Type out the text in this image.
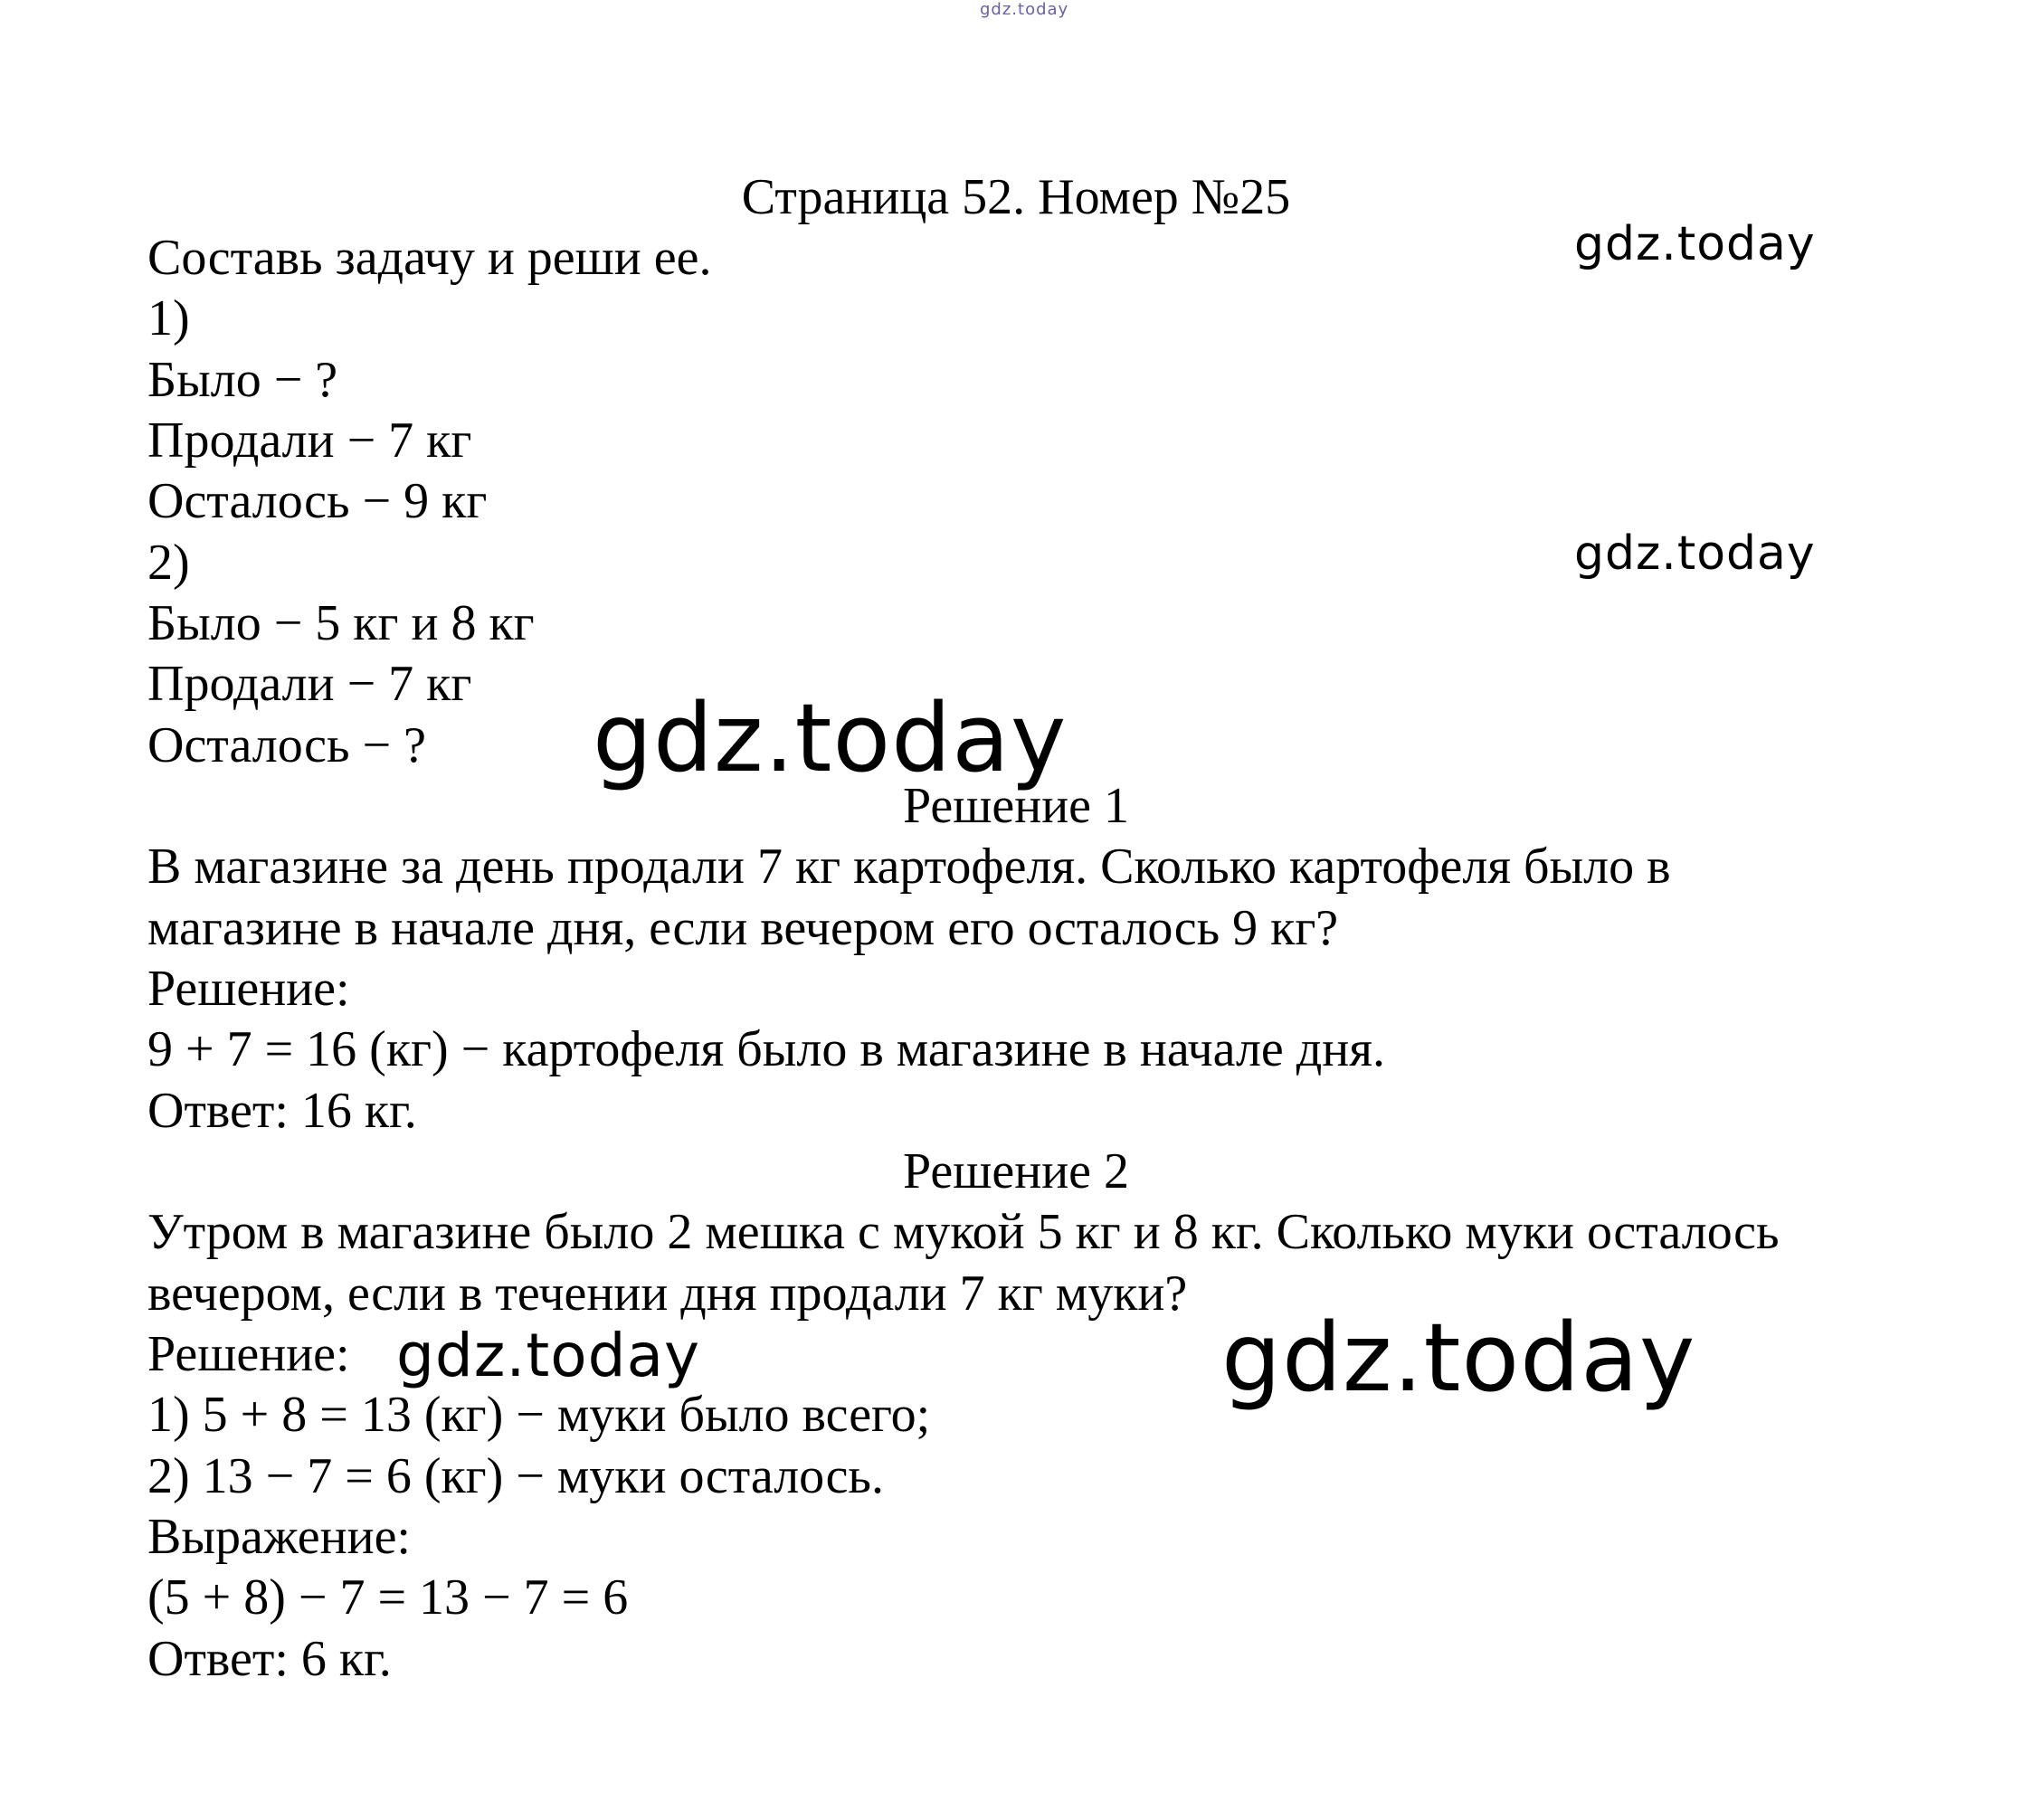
gdz.today
gdz.today
gdz.today
gdz.today
gdz.today	gdz.today
Страница 52. Номер №25
Составь задачу и реши ее.
1)
Было − ?
Продали − 7 кг
Осталось − 9 кг
2)
Было − 5 кг и 8 кг
Продали − 7 кг
Осталось − ?
Решение 1
В магазине за день продали 7 кг картофеля. Сколько картофеля было в
магазине в начале дня, если вечером его осталось 9 кг?
Решение:
9 + 7 = 16 (кг) − картофеля было в магазине в начале дня.
Ответ: 16 кг.
Решение 2
Утром в магазине было 2 мешка с мукой 5 кг и 8 кг. Сколько муки осталось
вечером, если в течении дня продали 7 кг муки?
Решение:
1) 5 + 8 = 13 (кг) − муки было всего;
2) 13 − 7 = 6 (кг) − муки осталось.
Выражение:
(5 + 8) − 7 = 13 − 7 = 6
Ответ: 6 кг.
